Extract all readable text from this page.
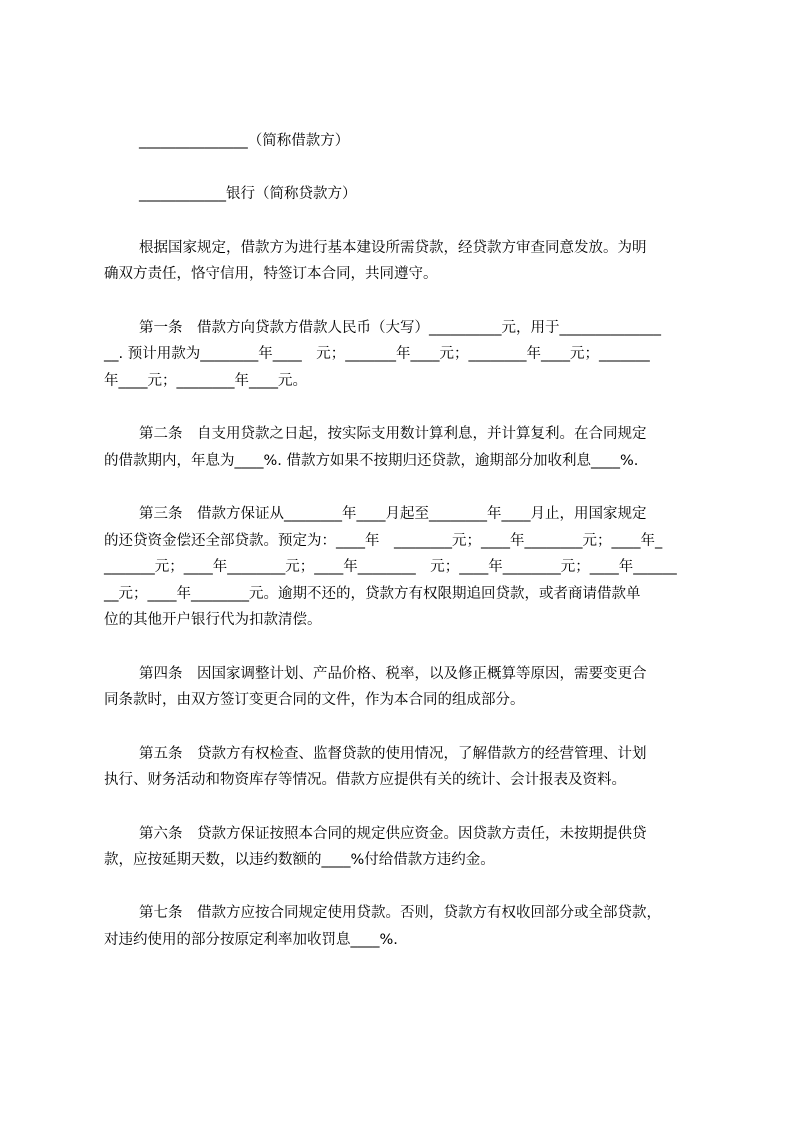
_______________（简称借款方）
____________银行（简称贷款方）
根据国家规定，借款方为进行基本建设所需贷款，经贷款方审查同意发放。为明
确双方责任，恪守信用，特签订本合同，共同遵守。
第一条　借款方向贷款方借款人民币（大写）__________元，用于______________
__. 预计用款为________年____　元；_______年____元；________年____元；_______
年____元；________年____元。
第二条　自支用贷款之日起，按实际支用数计算利息，并计算复利。在合同规定
的借款期内，年息为____%. 借款方如果不按期归还贷款，逾期部分加收利息____%.
第三条　借款方保证从________年____月起至________年____月止，用国家规定
的还贷资金偿还全部贷款。预定为：____年　________元；____年________元；____年_
_______元；____年________元；____年________　元；____年________元；____年______
__元；____年________元。逾期不还的，贷款方有权限期追回贷款，或者商请借款单
位的其他开户银行代为扣款清偿。
第四条　因国家调整计划、产品价格、税率，以及修正概算等原因，需要变更合
同条款时，由双方签订变更合同的文件，作为本合同的组成部分。
第五条　贷款方有权检查、监督贷款的使用情况，了解借款方的经营管理、计划
执行、财务活动和物资库存等情况。借款方应提供有关的统计、会计报表及资料。
第六条　贷款方保证按照本合同的规定供应资金。因贷款方责任，未按期提供贷
款，应按延期天数，以违约数额的____%付给借款方违约金。
第七条　借款方应按合同规定使用贷款。否则，贷款方有权收回部分或全部贷款，
对违约使用的部分按原定利率加收罚息____%.
